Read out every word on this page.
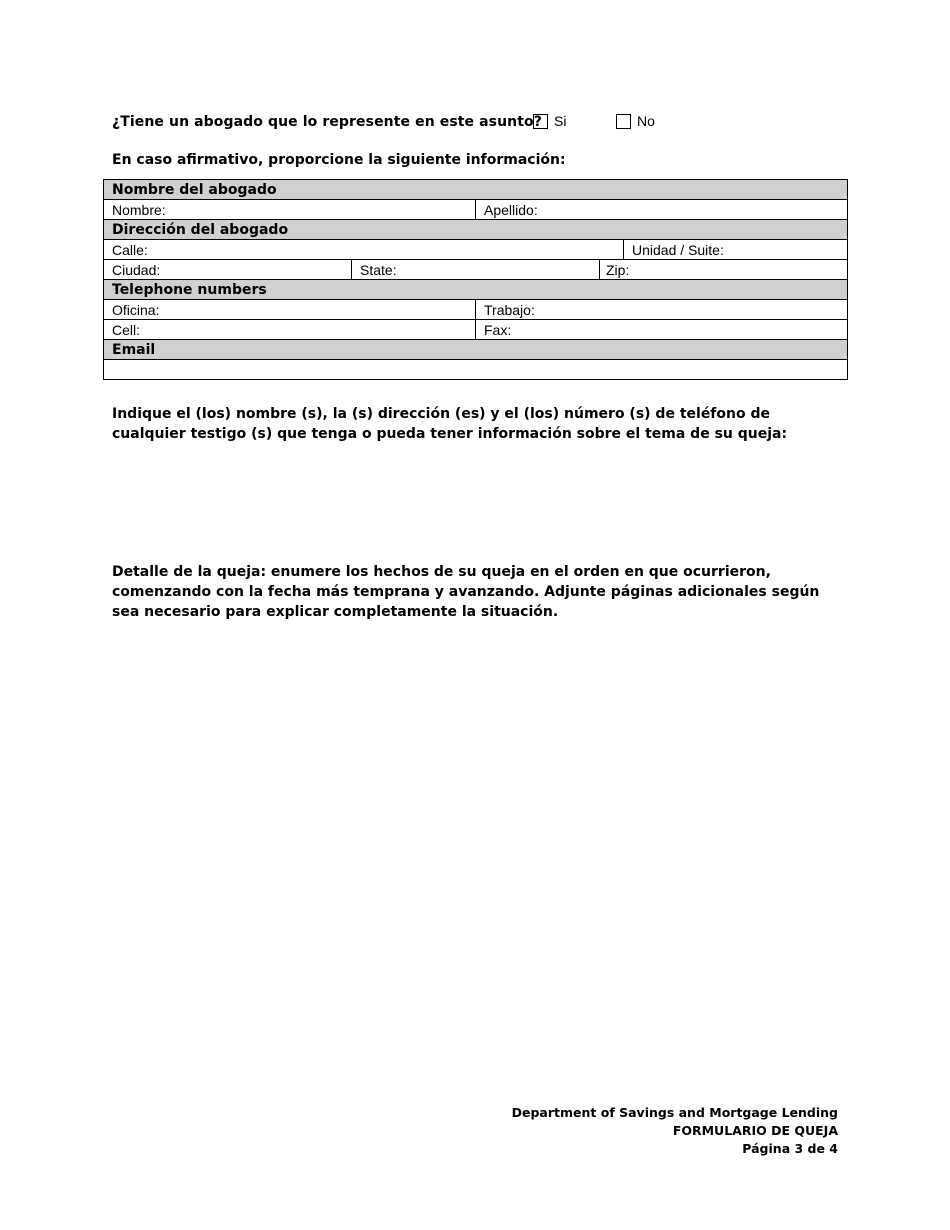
¿Tiene un abogado que lo represente en este asunto? Si	No
En caso afirmativo, proporcione la siguiente información:
Nombre del abogado				
Nombre:		Apellido:		
Dirección del abogado				
Calle:				Unidad / Suite:
Ciudad:	State:		Zip:	
Telephone numbers				
Oficina:		Trabajo:		
Cell:		Fax:		
Email				

Indique el (los) nombre (s), la (s) dirección (es) y el (los) número (s) de teléfono de cualquier testigo (s) que tenga o pueda tener información sobre el tema de su queja:
Detalle de la queja: enumere los hechos de su queja en el orden en que ocurrieron, comenzando con la fecha más temprana y avanzando. Adjunte páginas adicionales según sea necesario para explicar completamente la situación.
Department of Savings and Mortgage Lending
FORMULARIO DE QUEJA
Página 3 de 4
